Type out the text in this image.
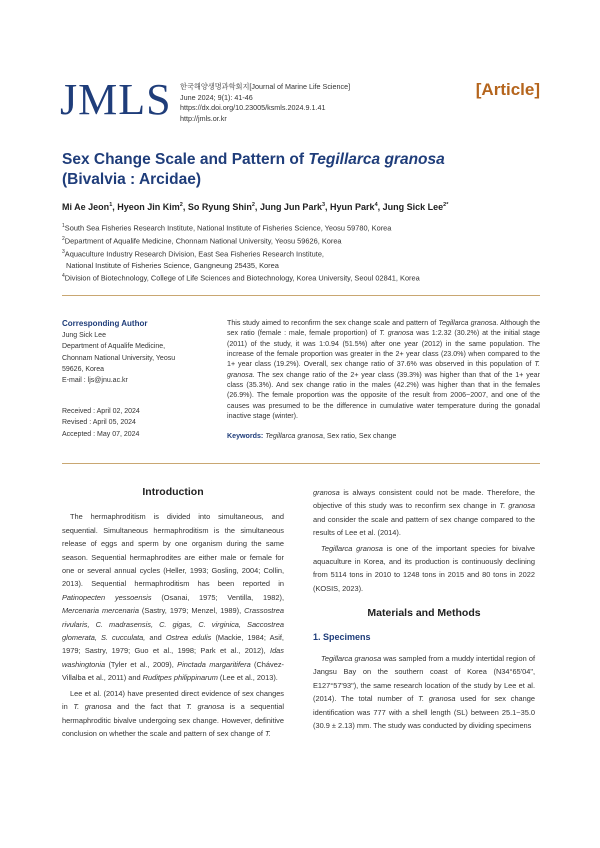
JMLS 한국해양생명과학회지[Journal of Marine Life Science]
June 2024; 9(1): 41-46
https://dx.doi.org/10.23005/ksmls.2024.9.1.41
http://jmls.or.kr
[Article]
Sex Change Scale and Pattern of Tegillarca granosa
(Bivalvia : Arcidae)
Mi Ae Jeon$^1$, Hyeon Jin Kim$^2$, So Ryung Shin$^2$, Jung Jun Park$^3$, Hyun Park$^4$, Jung Sick Lee$^{2*}$
$^1$South Sea Fisheries Research Institute, National Institute of Fisheries Science, Yeosu 59780, Korea
$^2$Department of Aqualife Medicine, Chonnam National University, Yeosu 59626, Korea
$^3$Aquaculture Industry Research Division, East Sea Fisheries Research Institute,
National Institute of Fisheries Science, Gangneung 25435, Korea
$^4$Division of Biotechnology, College of Life Sciences and Biotechnology, Korea University, Seoul 02841, Korea
Corresponding Author
Jung Sick Lee
Department of Aqualife Medicine,
Chonnam National University, Yeosu
59626, Korea
E-mail : ljs@jnu.ac.kr
Received : April 02, 2024
Revised : April 05, 2024
Accepted : May 07, 2024
This study aimed to reconfirm the sex change scale and pattern of Tegillarca granosa. Although the sex ratio (female : male, female proportion) of T. granosa was 1:2.32 (30.2%) at the initial stage (2011) of the study, it was 1:0.94 (51.5%) after one year (2012) in the same population. The increase of the female proportion was greater in the 2+ year class (23.0%) when compared to the 1+ year class (19.2%). Overall, sex change ratio of 37.6% was observed in this population of T. granosa. The sex change ratio of the 2+ year class (39.3%) was higher than that of the 1+ year class (35.3%). And sex change ratio in the males (42.2%) was higher than that in the females (26.9%). The female proportion was the opposite of the result from 2006~2007, and one of the causes was presumed to be the difference in cumulative water temperature during the gonadal inactive stage (winter).
Keywords: Tegillarca granosa, Sex ratio, Sex change
Introduction

The hermaphroditism is divided into simultaneous, and sequential. Simultaneous hermaphroditism is the simultaneous release of eggs and sperm by one organism during the same season. Sequential hermaphrodites are either male or female for one or several annual cycles (Heller, 1993; Gosling, 2004; Collin, 2013). Sequential hermaphroditism has been reported in Patinopecten yessoensis (Osanai, 1975; Ventilla, 1982), Mercenaria mercenaria (Sastry, 1979; Menzel, 1989), Crassostrea rivularis, C. madrasensis, C. gigas, C. virginica, Saccostrea glomerata, S. cucculata, and Ostrea edulis (Mackie, 1984; Asif, 1979; Sastry, 1979; Guo et al., 1998; Park et al., 2012), Idas washingtonia (Tyler et al., 2009), Pinctada margaritifera (Chávez-Villalba et al., 2011) and Ruditpes philippinarum (Lee et al., 2013).

Lee et al. (2014) have presented direct evidence of sex changes in T. granosa and the fact that T. granosa is a sequential hermaphroditic bivalve undergoing sex change. However, definitive conclusion on whether the scale and pattern of sex change of T.

granosa is always consistent could not be made. Therefore, the objective of this study was to reconfirm sex change in T. granosa and consider the scale and pattern of sex change compared to the results of Lee et al. (2014).

Tegillarca granosa is one of the important species for bivalve aquaculture in Korea, and its production is continuously declining from 5114 tons in 2010 to 1248 tons in 2015 and 80 tons in 2022 (KOSIS, 2023).

Materials and Methods
1. Specimens

Tegillarca granosa was sampled from a muddy intertidal region of Jangsu Bay on the southern coast of Korea (N34°65'04", E127°57'93"), the same research location of the study by Lee et al. (2014). The total number of T. granosa used for sex change identification was 777 with a shell length (SL) between 25.1~35.0 (30.9 ± 2.13) mm. The study was conducted by dividing specimens
